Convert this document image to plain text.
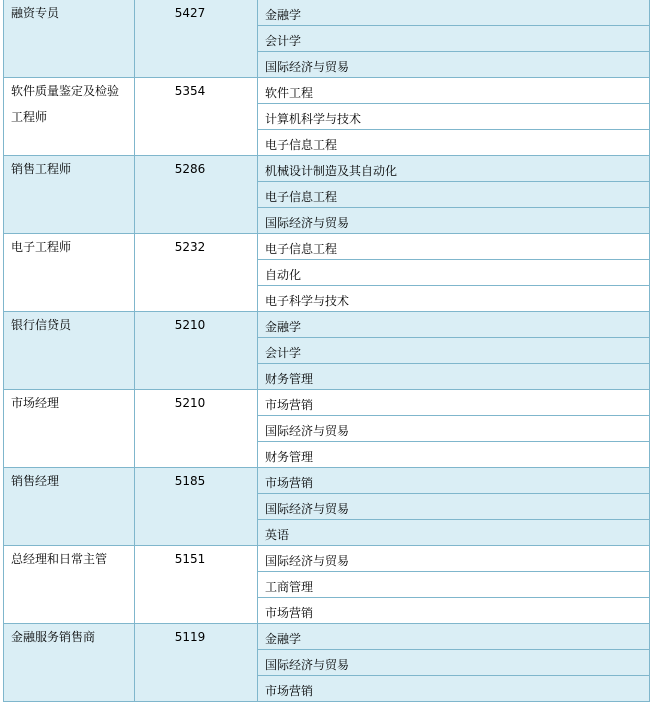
融资专员	5427	金融学
		会计学
		国际经济与贸易

软件质量鉴定及检验工程师	5354	软件工程
		计算机科学与技术
		电子信息工程

销售工程师	5286	机械设计制造及其自动化
		电子信息工程
		国际经济与贸易

电子工程师	5232	电子信息工程
		自动化
		电子科学与技术

银行信贷员	5210	金融学
		会计学
		财务管理

市场经理	5210	市场营销
		国际经济与贸易
		财务管理

销售经理	5185	市场营销
		国际经济与贸易
		英语

总经理和日常主管	5151	国际经济与贸易
		工商管理
		市场营销

金融服务销售商	5119	金融学
		国际经济与贸易
		市场营销
